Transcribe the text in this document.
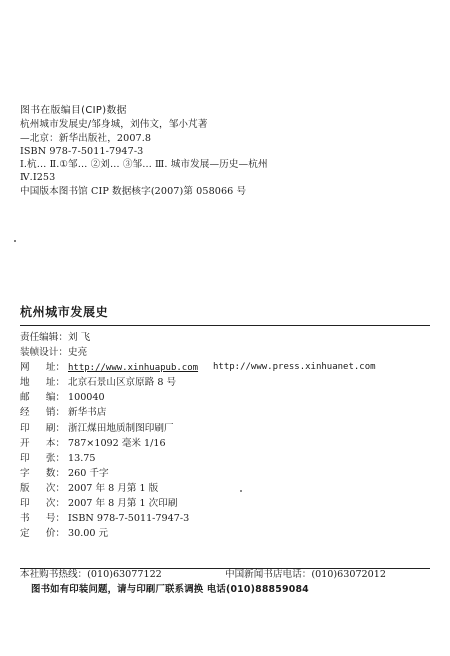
图书在版编目(CIP)数据
杭州城市发展史/邹身城，刘伟文，邹小芃著
—北京：新华出版社，2007.8
ISBN 978-7-5011-7947-3
Ⅰ.杭… Ⅱ.①邹… ②刘… ③邹… Ⅲ. 城市发展—历史—杭州
Ⅳ.Ⅰ253
中国版本图书馆 CIP 数据核字(2007)第 058066 号
杭州城市发展史
责任编辑：刘 飞
装帧设计：史亮
网 址： http://www.xinhuapub.com http://www.press.xinhuanet.com
地 址： 北京石景山区京原路 8 号
邮 编： 100040
经 销： 新华书店
印 刷： 浙江煤田地质制图印刷厂
开 本： 787×1092 毫米 1/16
印 张： 13.75
字 数： 260 千字
版 次： 2007 年 8 月第 1 版
印 次： 2007 年 8 月第 1 次印刷
书 号： ISBN 978-7-5011-7947-3
定 价： 30.00 元
本社购书热线：(010)63077122	中国新闻书店电话：(010)63072012
图书如有印装问题，请与印刷厂联系调换 电话(010)88859084
